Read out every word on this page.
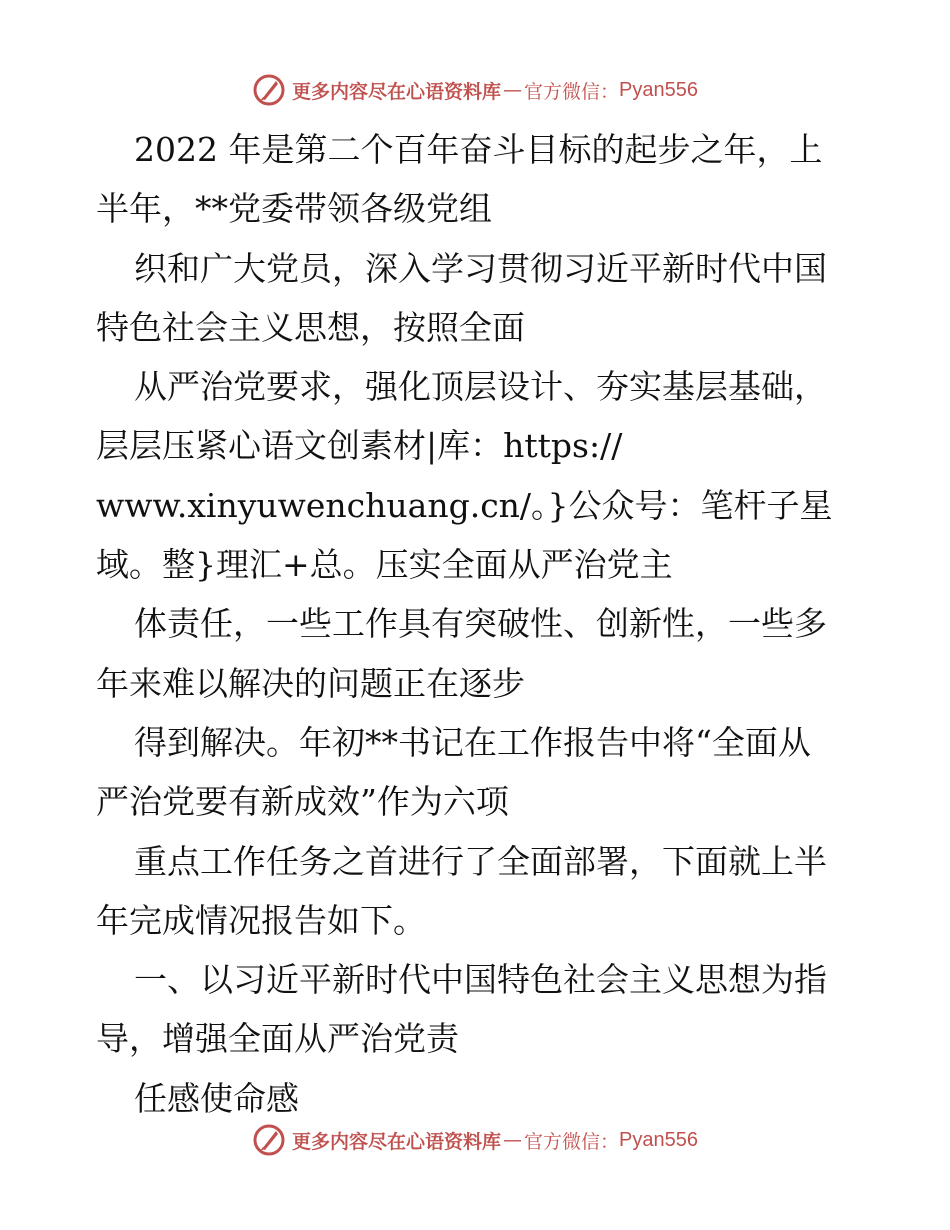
更多内容尽在心语资料库 — 官方微信： Pyan556
2022 年是第二个百年奋斗目标的起步之年，上
半年，**党委带领各级党组
织和广大党员，深入学习贯彻习近平新时代中国
特色社会主义思想，按照全面
从严治党要求，强化顶层设计、夯实基层基础，
层层压紧心语文创素材|库：https://
www.xinyuwenchuang.cn/。}公众号：笔杆子星
域。整}理汇+总。压实全面从严治党主
体责任，一些工作具有突破性、创新性，一些多
年来难以解决的问题正在逐步
得到解决。年初**书记在工作报告中将“全面从
严治党要有新成效”作为六项
重点工作任务之首进行了全面部署，下面就上半
年完成情况报告如下。
一、以习近平新时代中国特色社会主义思想为指
导，增强全面从严治党责
任感使命感
更多内容尽在心语资料库 — 官方微信： Pyan556
